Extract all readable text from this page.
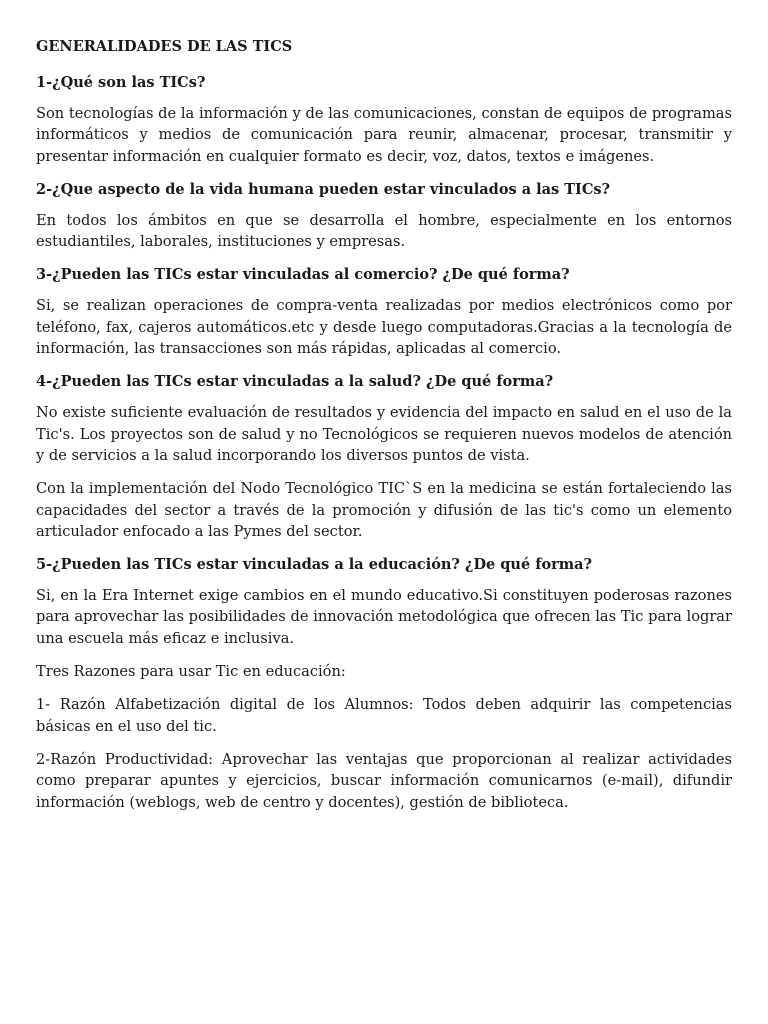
GENERALIDADES DE LAS TICS
1-¿Qué son las TICs?
Son tecnologías de la información y de las comunicaciones, constan de equipos de programas informáticos y medios de comunicación para reunir, almacenar, procesar, transmitir y presentar información en cualquier formato es decir, voz, datos, textos e imágenes.
2-¿Que aspecto de la vida humana pueden estar vinculados a las TICs?
En todos los ámbitos en que se desarrolla el hombre, especialmente en los entornos estudiantiles, laborales, instituciones y empresas.
3-¿Pueden las TICs estar vinculadas al comercio? ¿De qué forma?
Si, se realizan operaciones de compra-venta realizadas por medios electrónicos como por teléfono, fax, cajeros automáticos.etc y desde luego computadoras.Gracias a la tecnología de información, las transacciones son más rápidas, aplicadas al comercio.
4-¿Pueden las TICs estar vinculadas a la salud? ¿De qué forma?
No existe suficiente evaluación de resultados y evidencia del impacto en salud en el uso de la Tic's. Los proyectos son de salud y no Tecnológicos se requieren nuevos modelos de atención y de servicios a la salud incorporando los diversos puntos de vista.
Con la implementación del Nodo Tecnológico TIC`S en la medicina se están fortaleciendo las capacidades del sector a través de la promoción y difusión de las tic's como un elemento articulador enfocado a las Pymes del sector.
5-¿Pueden las TICs estar vinculadas a la educación? ¿De qué forma?
Si, en la Era Internet exige cambios en el mundo educativo.Si constituyen poderosas razones para aprovechar las posibilidades de innovación metodológica que ofrecen las Tic para lograr una escuela más eficaz e inclusiva.
Tres Razones para usar Tic en educación:
1- Razón Alfabetización digital de los Alumnos: Todos deben adquirir las competencias básicas en el uso del tic.
2-Razón Productividad: Aprovechar las ventajas que proporcionan al realizar actividades como preparar apuntes y ejercicios, buscar información comunicarnos (e-mail), difundir información (weblogs, web de centro y docentes), gestión de biblioteca.
